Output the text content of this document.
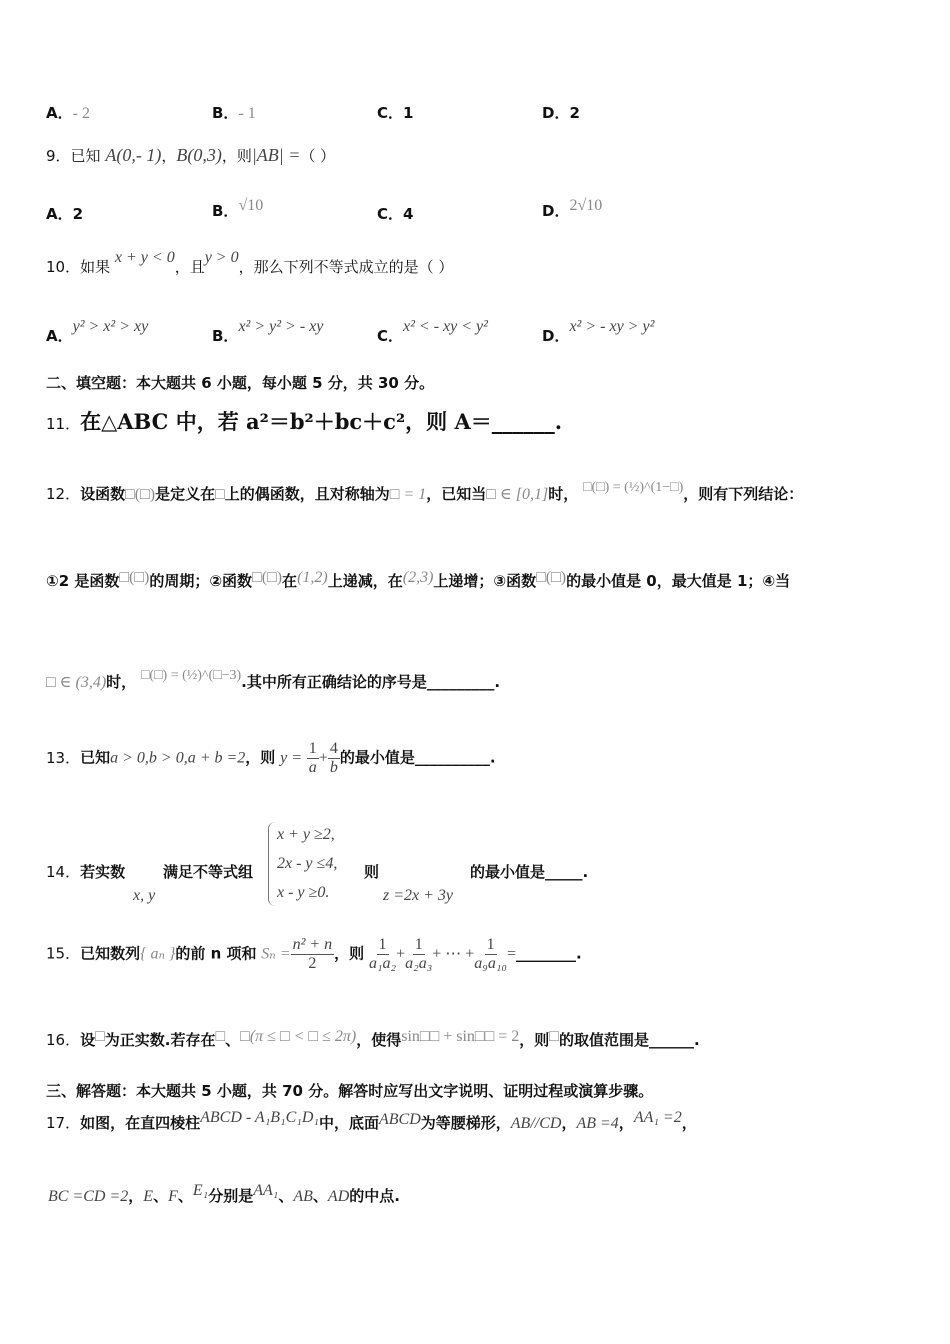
A．- 2	B．- 1	C．1	D．2
9．已知 A(0,- 1)，B(0,3)，则|AB| =（ ）
A．2	B．√10	C．4	D．2√10
10．如果 x + y < 0，且y > 0，那么下列不等式成立的是（ ）
A．y² > x² > xy
B．x² > y² > - xy
C．x² < - xy < y²
D．x² > - xy > y²
二、填空题：本大题共 6 小题，每小题 5 分，共 30 分。
11．在△ABC 中，若 a²＝b²＋bc＋c²，则 A＝______.
12．设函数□(□)是定义在□上的偶函数，且对称轴为□ = 1，已知当□ ∈ [0,1]时， □(□) = (½)^(1−□)，则有下列结论：
①2 是函数□(□)的周期；②函数□(□)在(1,2)上递减，在(2,3)上递增；③函数□(□)的最小值是 0，最大值是 1；④当
□ ∈ (3,4)时， □(□) = (½)^(□−3).其中所有正确结论的序号是_________.
13．已知a > 0,b > 0,a + b =2，则 $y = \frac{1}{a} + \frac{4}{b}$ 的最小值是__________.
14．若实数
x, y
满足不等式组
x + y ≥2,
2x - y ≤4,
x - y ≥0.
则
z =2x + 3y
的最小值是_____.
15．已知数列{ aₙ }的前 n 项和 $S_n = \frac{\text{n² + n}}{2}$ ，则 $\frac{1}{\text{a₁a₂}} + \frac{1}{\text{a₂a₃}}$ + ⋯ + $\frac{1}{\text{a₉a₁₀}}$ =________.
16．设□为正实数.若存在□、□(π ≤ □ < □ ≤ 2π)，使得sin□□ + sin□□ = 2，则□的取值范围是______.
三、解答题：本大题共 5 小题，共 70 分。解答时应写出文字说明、证明过程或演算步骤。
17．如图，在直四棱柱ABCD - A₁B₁C₁D₁中，底面ABCD为等腰梯形，AB//CD，AB =4，AA₁ =2，
BC =CD =2，E、F、E₁分别是AA₁、AB、AD的中点.
